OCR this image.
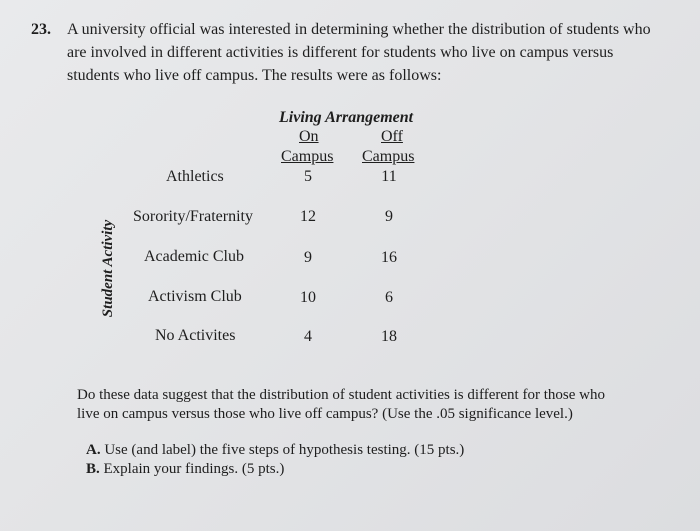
23. A university official was interested in determining whether the distribution of students who
are involved in different activities is different for students who live on campus versus
students who live off campus. The results were as follows:
Living Arrangement
On	Off
Campus Campus
Student Activity
Athletics	5	11
Sorority/Fraternity	12	9
Academic Club	9	16
Activism Club	10	6
No Activites	4	18
Do these data suggest that the distribution of student activities is different for those who
live on campus versus those who live off campus? (Use the .05 significance level.)
A. Use (and label) the five steps of hypothesis testing. (15 pts.)
B. Explain your findings. (5 pts.)
